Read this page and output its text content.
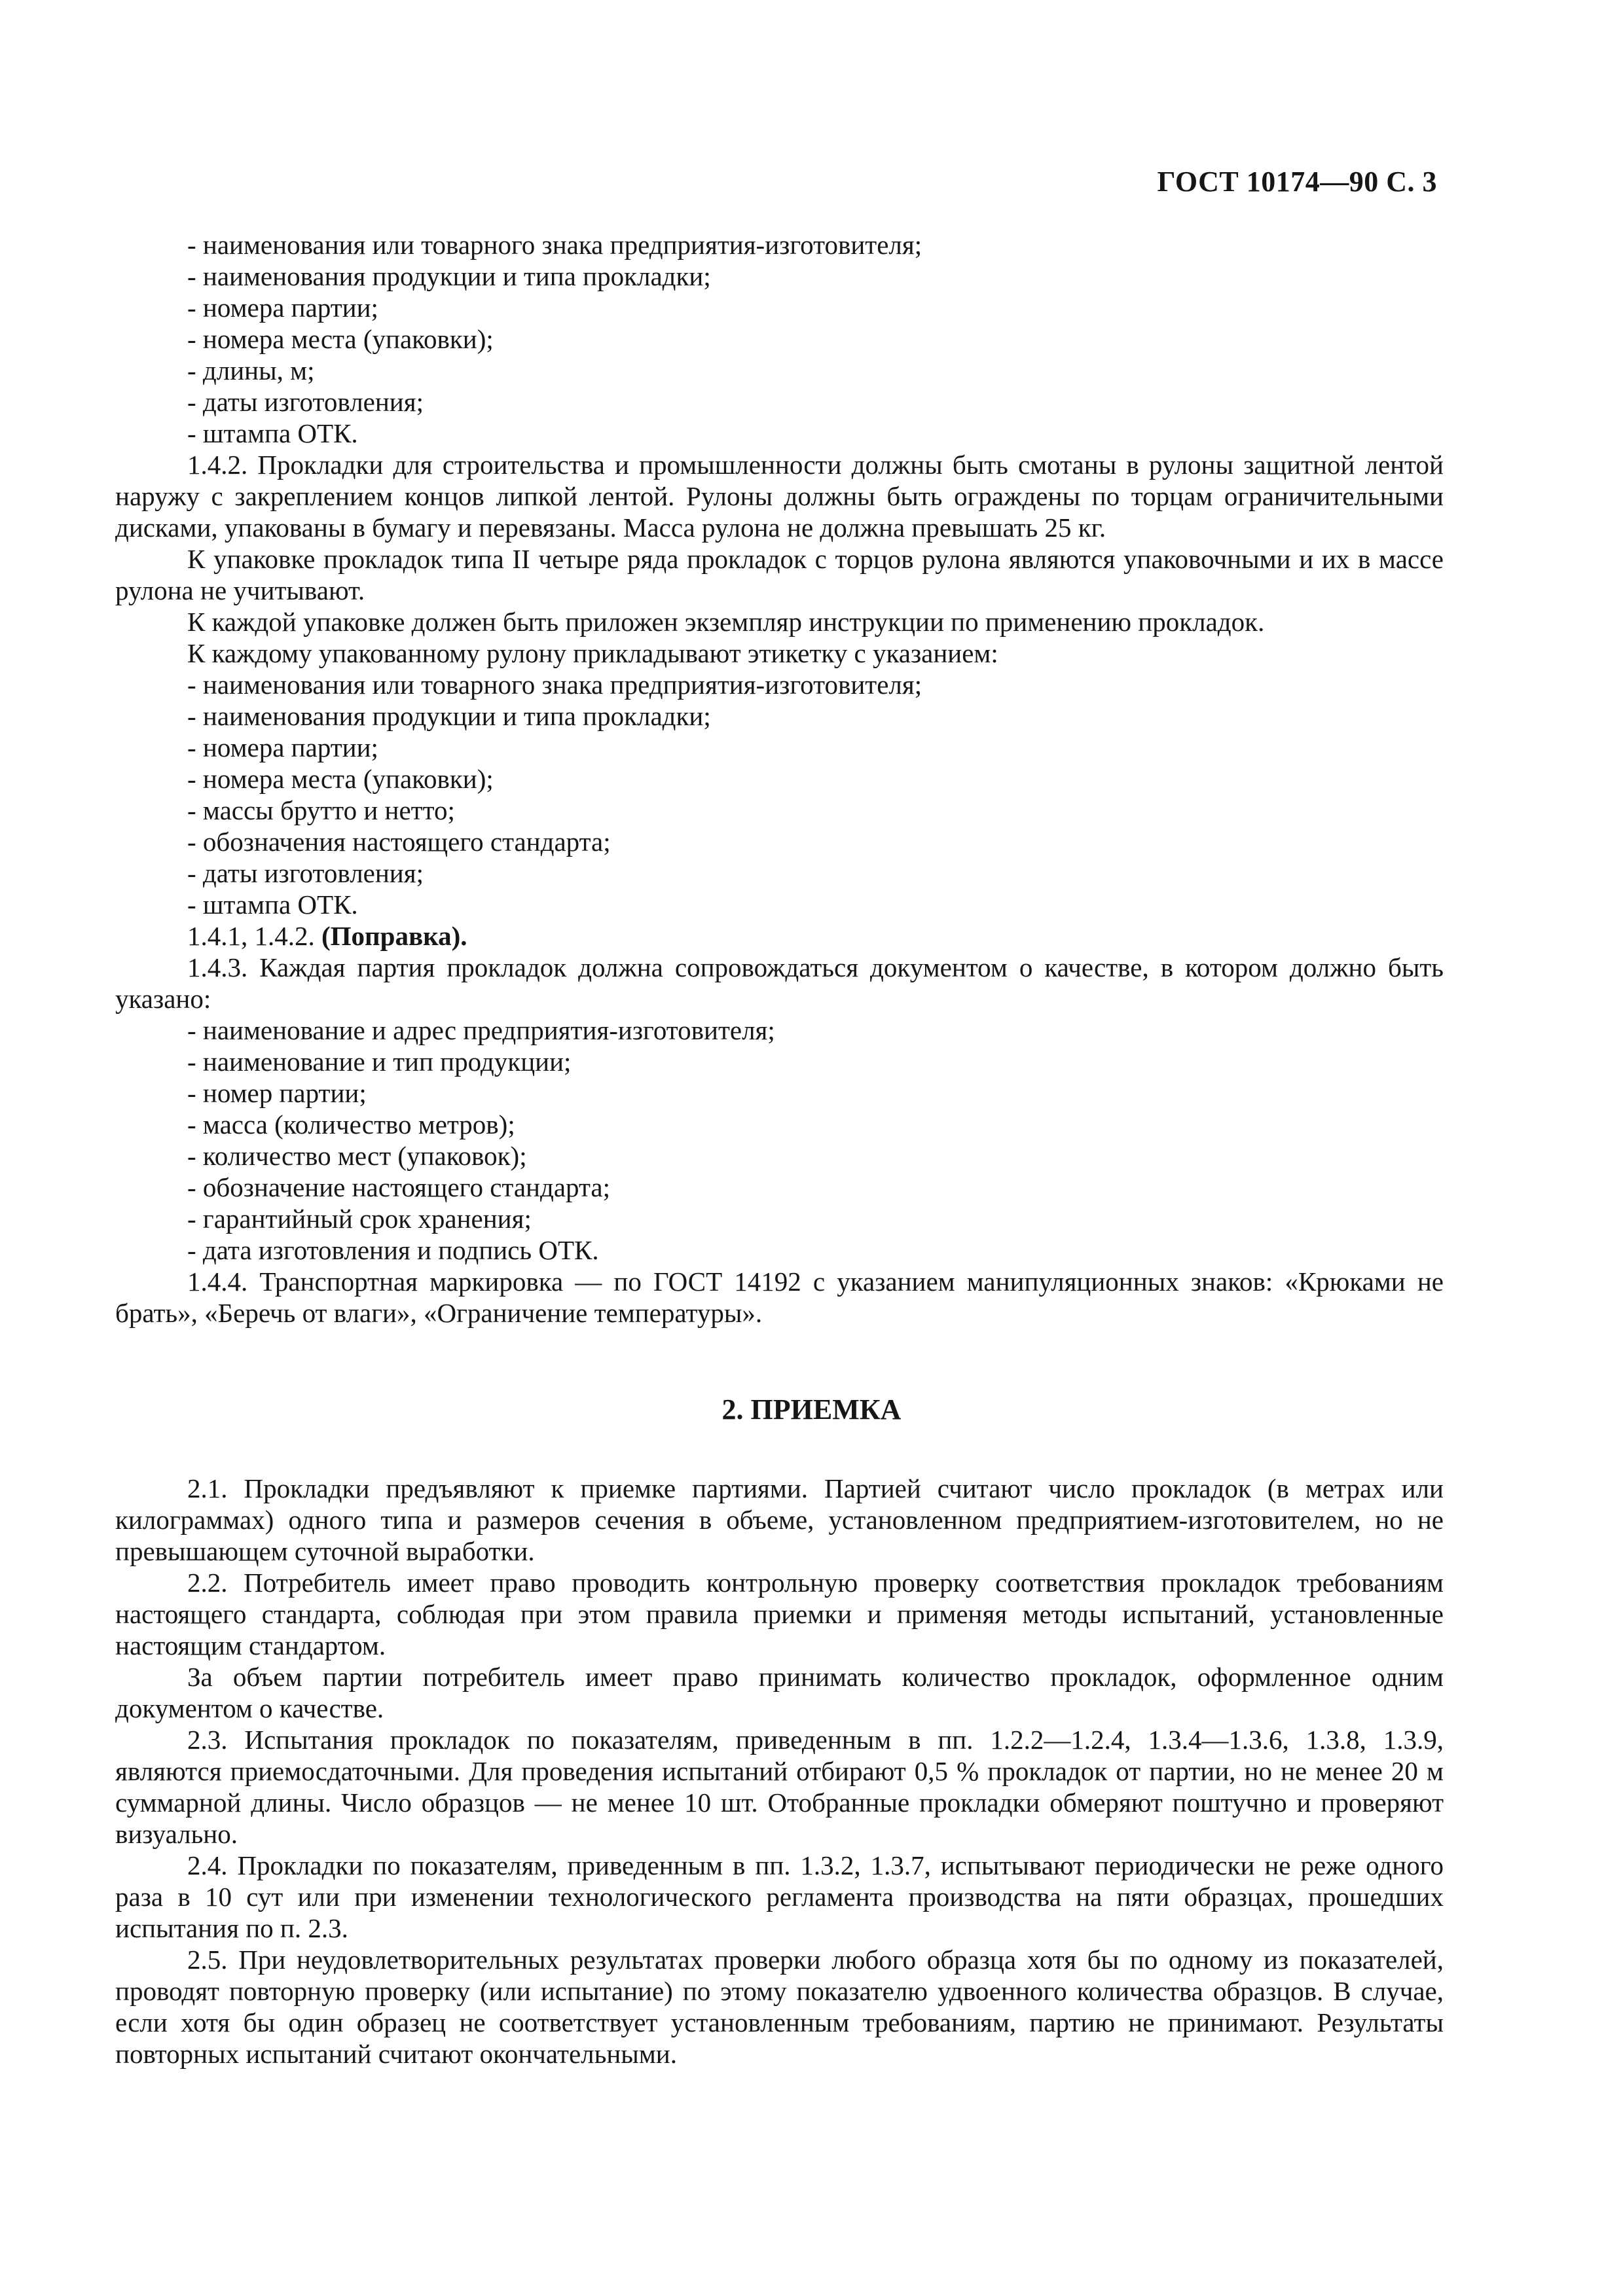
ГОСТ 10174—90 С. 3

- наименования или товарного знака предприятия-изготовителя;

- наименования продукции и типа прокладки;

- номера партии;

- номера места (упаковки);

- длины, м;

- даты изготовления;

- штампа ОТК.

1.4.2. Прокладки для строительства и промышленности должны быть смотаны в рулоны защитной лентой наружу с закреплением концов липкой лентой. Рулоны должны быть ограждены по торцам ограничительными дисками, упакованы в бумагу и перевязаны. Масса рулона не должна превышать 25 кг.

К упаковке прокладок типа II четыре ряда прокладок с торцов рулона являются упаковочными и их в массе рулона не учитывают.

К каждой упаковке должен быть приложен экземпляр инструкции по применению прокладок.

К каждому упакованному рулону прикладывают этикетку с указанием:

- наименования или товарного знака предприятия-изготовителя;

- наименования продукции и типа прокладки;

- номера партии;

- номера места (упаковки);

- массы брутто и нетто;

- обозначения настоящего стандарта;

- даты изготовления;

- штампа ОТК.

1.4.1, 1.4.2. (Поправка).

1.4.3. Каждая партия прокладок должна сопровождаться документом о качестве, в котором должно быть указано:

- наименование и адрес предприятия-изготовителя;

- наименование и тип продукции;

- номер партии;

- масса (количество метров);

- количество мест (упаковок);

- обозначение настоящего стандарта;

- гарантийный срок хранения;

- дата изготовления и подпись ОТК.

1.4.4. Транспортная маркировка — по ГОСТ 14192 с указанием манипуляционных знаков: «Крюками не брать», «Беречь от влаги», «Ограничение температуры».

2. ПРИЕМКА

2.1. Прокладки предъявляют к приемке партиями. Партией считают число прокладок (в метрах или килограммах) одного типа и размеров сечения в объеме, установленном предприятием-изготовителем, но не превышающем суточной выработки.

2.2. Потребитель имеет право проводить контрольную проверку соответствия прокладок требованиям настоящего стандарта, соблюдая при этом правила приемки и применяя методы испытаний, установленные настоящим стандартом.

За объем партии потребитель имеет право принимать количество прокладок, оформленное одним документом о качестве.

2.3. Испытания прокладок по показателям, приведенным в пп. 1.2.2—1.2.4, 1.3.4—1.3.6, 1.3.8, 1.3.9, являются приемосдаточными. Для проведения испытаний отбирают 0,5 % прокладок от партии, но не менее 20 м суммарной длины. Число образцов — не менее 10 шт. Отобранные прокладки обмеряют поштучно и проверяют визуально.

2.4. Прокладки по показателям, приведенным в пп. 1.3.2, 1.3.7, испытывают периодически не реже одного раза в 10 сут или при изменении технологического регламента производства на пяти образцах, прошедших испытания по п. 2.3.

2.5. При неудовлетворительных результатах проверки любого образца хотя бы по одному из показателей, проводят повторную проверку (или испытание) по этому показателю удвоенного количества образцов. В случае, если хотя бы один образец не соответствует установленным требованиям, партию не принимают. Результаты повторных испытаний считают окончательными.
